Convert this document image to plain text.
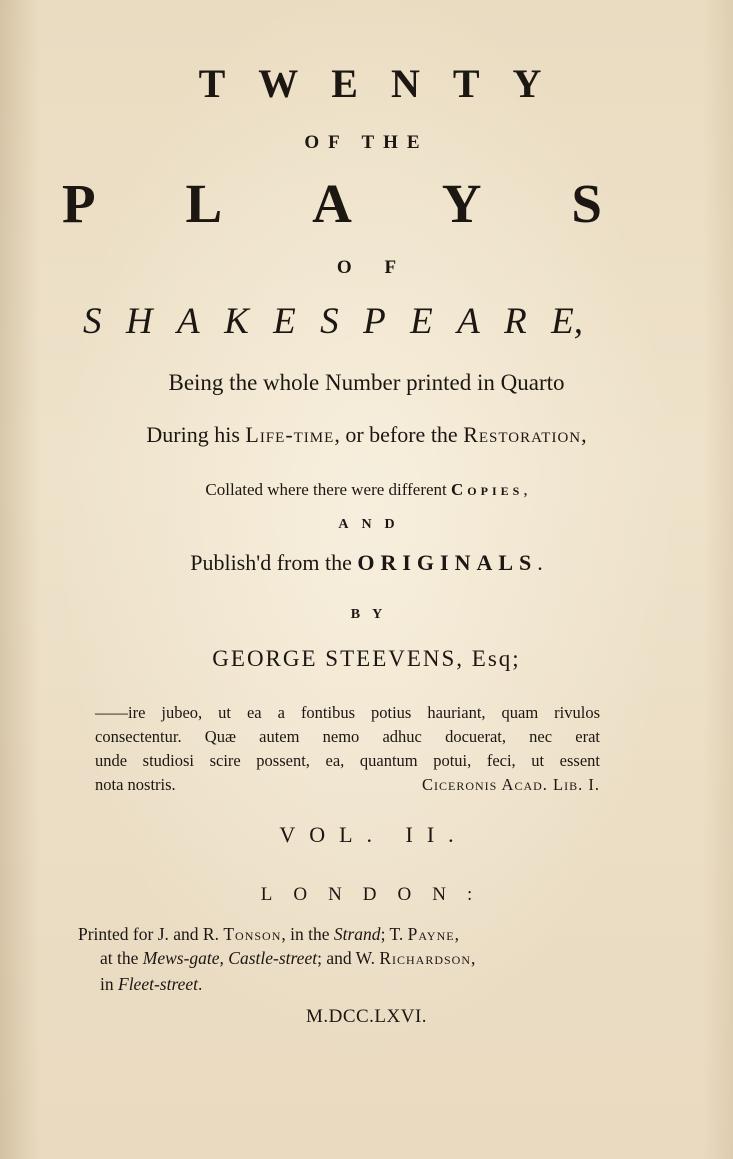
TWENTY

OF THE

P L A Y S

O F

S H A K E S P E A R E,

Being the whole Number printed in Quarto

During his Life-time, or before the Restoration,

Collated where there were different Copies,

AND

Publish'd from the ORIGINALS.

BY

GEORGE STEEVENS, Esq;

——ire jubeo, ut ea a fontibus potius hauriant, quam rivulos

consectentur. Quæ autem nemo adhuc docuerat, nec erat

unde studiosi scire possent, ea, quantum potui, feci, ut essent

nota nostris.	Ciceronis Acad. Lib. I.

VOL. II.

LONDON:

Printed for J. and R. Tonson, in the Strand; T. Payne,

at the Mews-gate, Castle-street; and W. Richardson,

in Fleet-street.

M.DCC.LXVI.
